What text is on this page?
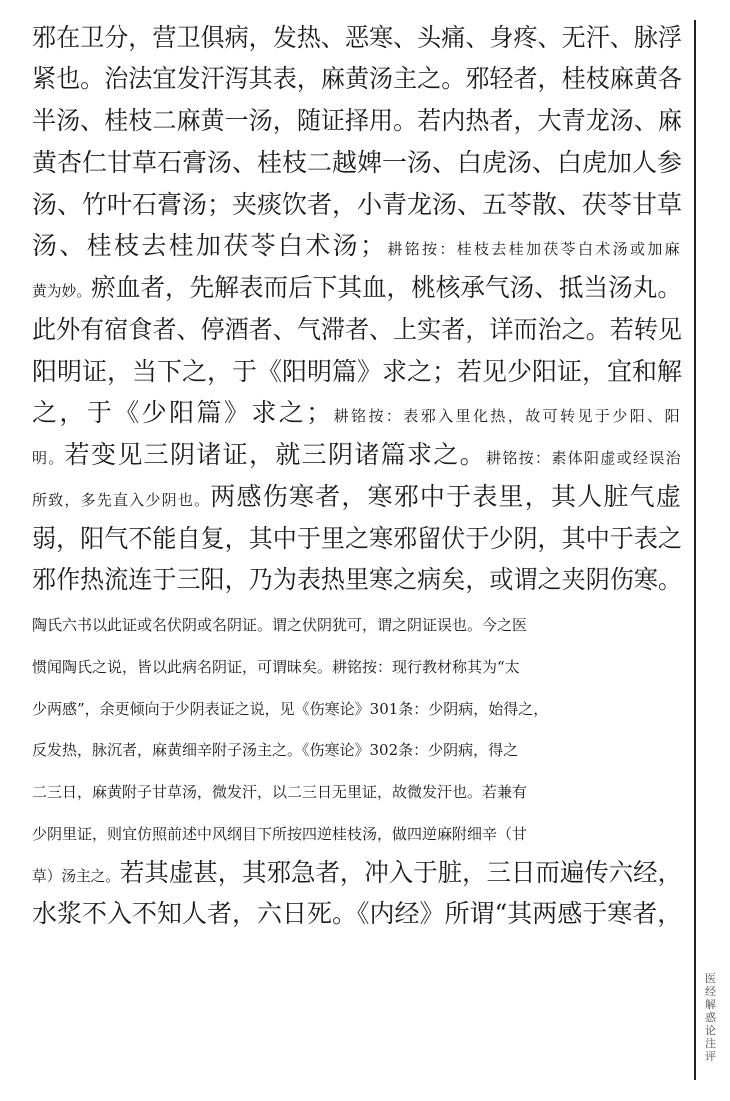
邪在卫分，营卫俱病，发热、恶寒、头痛、身疼、无汗、脉浮
紧也。治法宜发汗泻其表，麻黄汤主之。邪轻者，桂枝麻黄各
半汤、桂枝二麻黄一汤，随证择用。若内热者，大青龙汤、麻
黄杏仁甘草石膏汤、桂枝二越婢一汤、白虎汤、白虎加人参
汤、竹叶石膏汤；夹痰饮者，小青龙汤、五苓散、茯苓甘草
汤、桂枝去桂加茯苓白术汤；耕铭按：桂枝去桂加茯苓白术汤或加麻
黄为妙。瘀血者，先解表而后下其血，桃核承气汤、抵当汤丸。
此外有宿食者、停酒者、气滞者、上实者，详而治之。若转见
阳明证，当下之，于《阳明篇》求之；若见少阳证，宜和解
之，于《少阳篇》求之；耕铭按：表邪入里化热，故可转见于少阳、阳
明。若变见三阴诸证，就三阴诸篇求之。耕铭按：素体阳虚或经误治
所致，多先直入少阴也。两感伤寒者，寒邪中于表里，其人脏气虚
弱，阳气不能自复，其中于里之寒邪留伏于少阴，其中于表之
邪作热流连于三阳，乃为表热里寒之病矣，或谓之夹阴伤寒。
陶氏六书以此证或名伏阴或名阴证。谓之伏阴犹可，谓之阴证误也。今之医
惯闻陶氏之说，皆以此病名阴证，可谓昧矣。耕铭按：现行教材称其为“太
少两感”，余更倾向于少阴表证之说，见《伤寒论》301条：少阴病，始得之，
反发热，脉沉者，麻黄细辛附子汤主之。《伤寒论》302条：少阴病，得之
二三日，麻黄附子甘草汤，微发汗，以二三日无里证，故微发汗也。若兼有
少阴里证，则宜仿照前述中风纲目下所按四逆桂枝汤，做四逆麻附细辛（甘
草）汤主之。若其虚甚，其邪急者，冲入于脏，三日而遍传六经，
水浆不入不知人者，六日死。《内经》所谓“其两感于寒者，
医经解惑论注评
